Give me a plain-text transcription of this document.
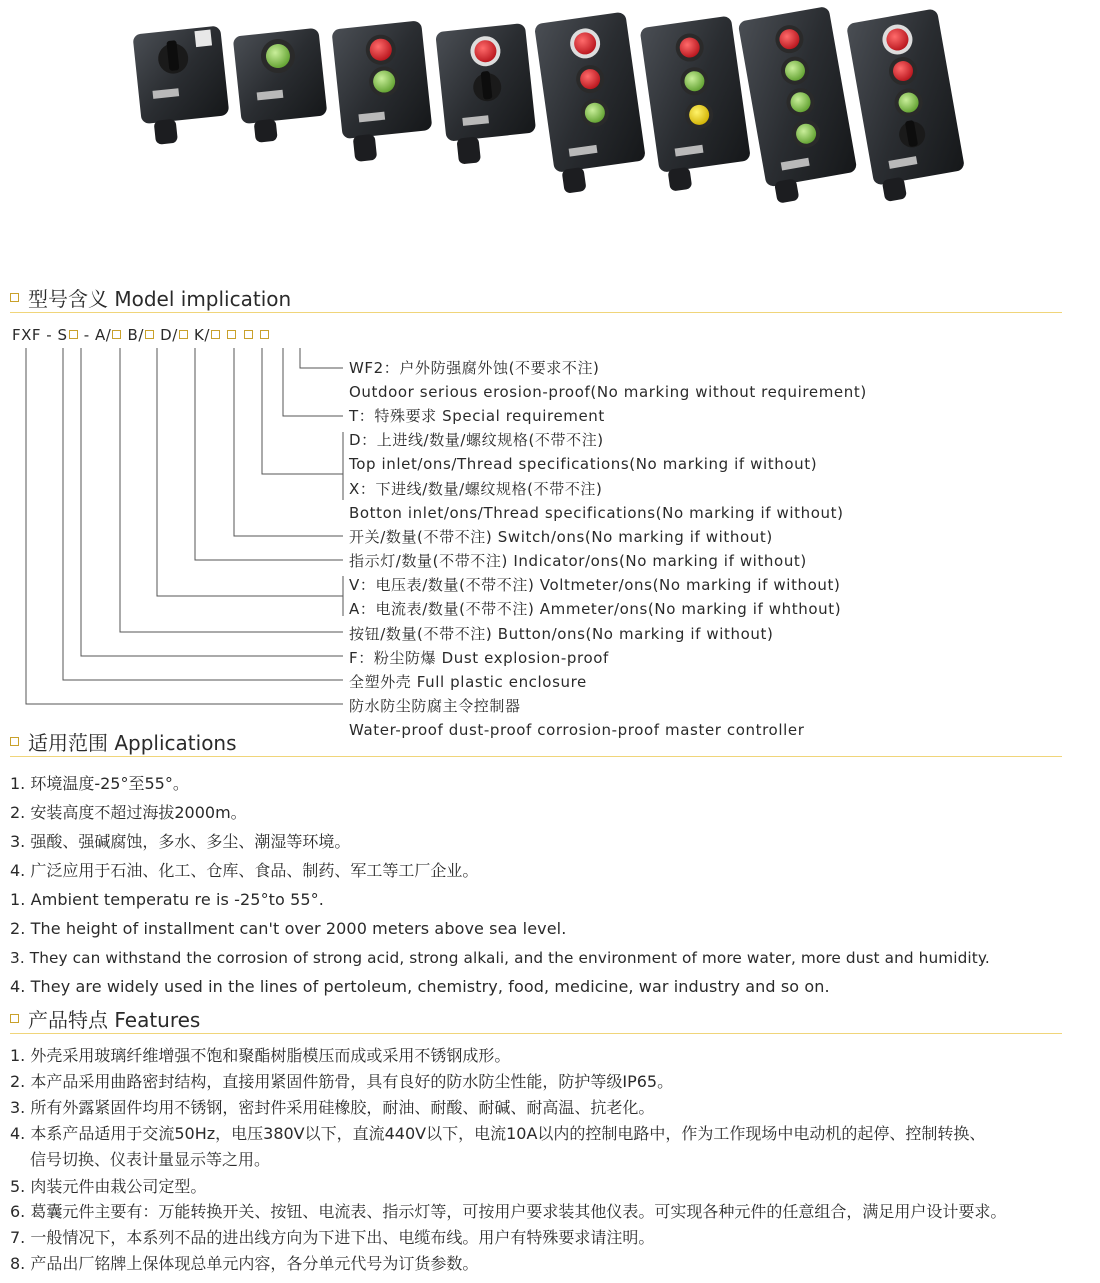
型号含义 Model implication
FXF - S - A/ B/ D/ K/
WF2：户外防强腐外蚀(不要求不注)
Outdoor serious erosion-proof(No marking without requirement)
T：特殊要求 Special requirement
D：上进线/数量/螺纹规格(不带不注)
Top inlet/ons/Thread specifications(No marking if without)
X：下进线/数量/螺纹规格(不带不注)
Botton inlet/ons/Thread specifications(No marking if without)
开关/数量(不带不注) Switch/ons(No marking if without)
指示灯/数量(不带不注) Indicator/ons(No marking if without)
V：电压表/数量(不带不注) Voltmeter/ons(No marking if without)
A：电流表/数量(不带不注) Ammeter/ons(No marking if whthout)
按钮/数量(不带不注) Button/ons(No marking if without)
F：粉尘防爆 Dust explosion-proof
全塑外壳 Full plastic enclosure
防水防尘防腐主令控制器
Water-proof dust-proof corrosion-proof master controller
适用范围 Applications
1. 环境温度-25°至55°。
2. 安装高度不超过海拔2000m。
3. 强酸、强碱腐蚀，多水、多尘、潮湿等环境。
4. 广泛应用于石油、化工、仓库、食品、制药、军工等工厂企业。
1. Ambient temperatu re is -25°to 55°.
2. The height of installment can't over 2000 meters above sea level.
3. They can withstand the corrosion of strong acid, strong alkali, and the environment of more water, more dust and humidity.
4. They are widely used in the lines of pertoleum, chemistry, food, medicine, war industry and so on.
产品特点 Features
1. 外壳采用玻璃纤维增强不饱和聚酯树脂模压而成或采用不锈钢成形。
2. 本产品采用曲路密封结构，直接用紧固件筋骨，具有良好的防水防尘性能，防护等级IP65。
3. 所有外露紧固件均用不锈钢，密封件采用硅橡胶，耐油、耐酸、耐碱、耐高温、抗老化。
4. 本系产品适用于交流50Hz，电压380V以下，直流440V以下，电流10A以内的控制电路中，作为工作现场中电动机的起停、控制转换、
信号切换、仪表计量显示等之用。
5. 肉装元件由栽公司定型。
6. 葛囊元件主要有：万能转换开关、按钮、电流表、指示灯等，可按用户要求装其他仪表。可实现各种元件的任意组合，满足用户设计要求。
7. 一般情况下，本系列不品的进出线方向为下进下出、电缆布线。用户有特殊要求请注明。
8. 产品出厂铭牌上保体现总单元内容，各分单元代号为订货参数。
